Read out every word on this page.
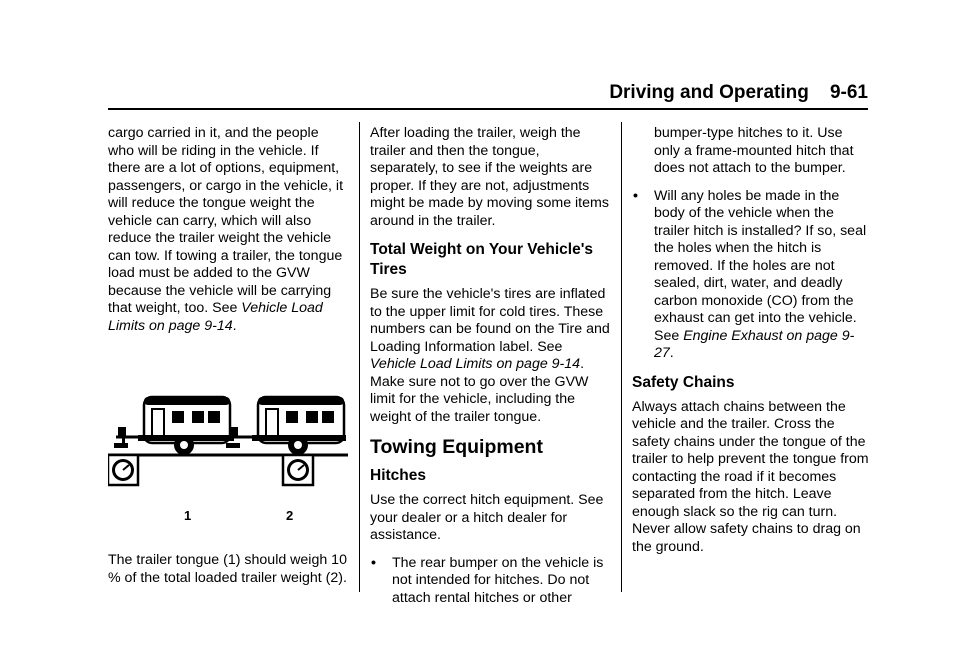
Driving and Operating 9-61

cargo carried in it, and the people who will be riding in the vehicle. If there are a lot of options, equipment, passengers, or cargo in the vehicle, it will reduce the tongue weight the vehicle can carry, which will also reduce the trailer weight the vehicle can tow. If towing a trailer, the tongue load must be added to the GVW because the vehicle will be carrying that weight, too. See Vehicle Load Limits on page 9-14.

1	2

The trailer tongue (1) should weigh 10 % of the total loaded trailer weight (2).

After loading the trailer, weigh the trailer and then the tongue, separately, to see if the weights are proper. If they are not, adjustments might be made by moving some items around in the trailer.

Total Weight on Your Vehicle's Tires

Be sure the vehicle's tires are inflated to the upper limit for cold tires. These numbers can be found on the Tire and Loading Information label. See Vehicle Load Limits on page 9-14. Make sure not to go over the GVW limit for the vehicle, including the weight of the trailer tongue.

Towing Equipment
Hitches

Use the correct hitch equipment. See your dealer or a hitch dealer for assistance.

• The rear bumper on the vehicle is not intended for hitches. Do not attach rental hitches or other
bumper-type hitches to it. Use only a frame-mounted hitch that does not attach to the bumper.
• Will any holes be made in the body of the vehicle when the trailer hitch is installed? If so, seal the holes when the hitch is removed. If the holes are not sealed, dirt, water, and deadly carbon monoxide (CO) from the exhaust can get into the vehicle. See Engine Exhaust on page 9-27.
Safety Chains

Always attach chains between the vehicle and the trailer. Cross the safety chains under the tongue of the trailer to help prevent the tongue from contacting the road if it becomes separated from the hitch. Leave enough slack so the rig can turn. Never allow safety chains to drag on the ground.
